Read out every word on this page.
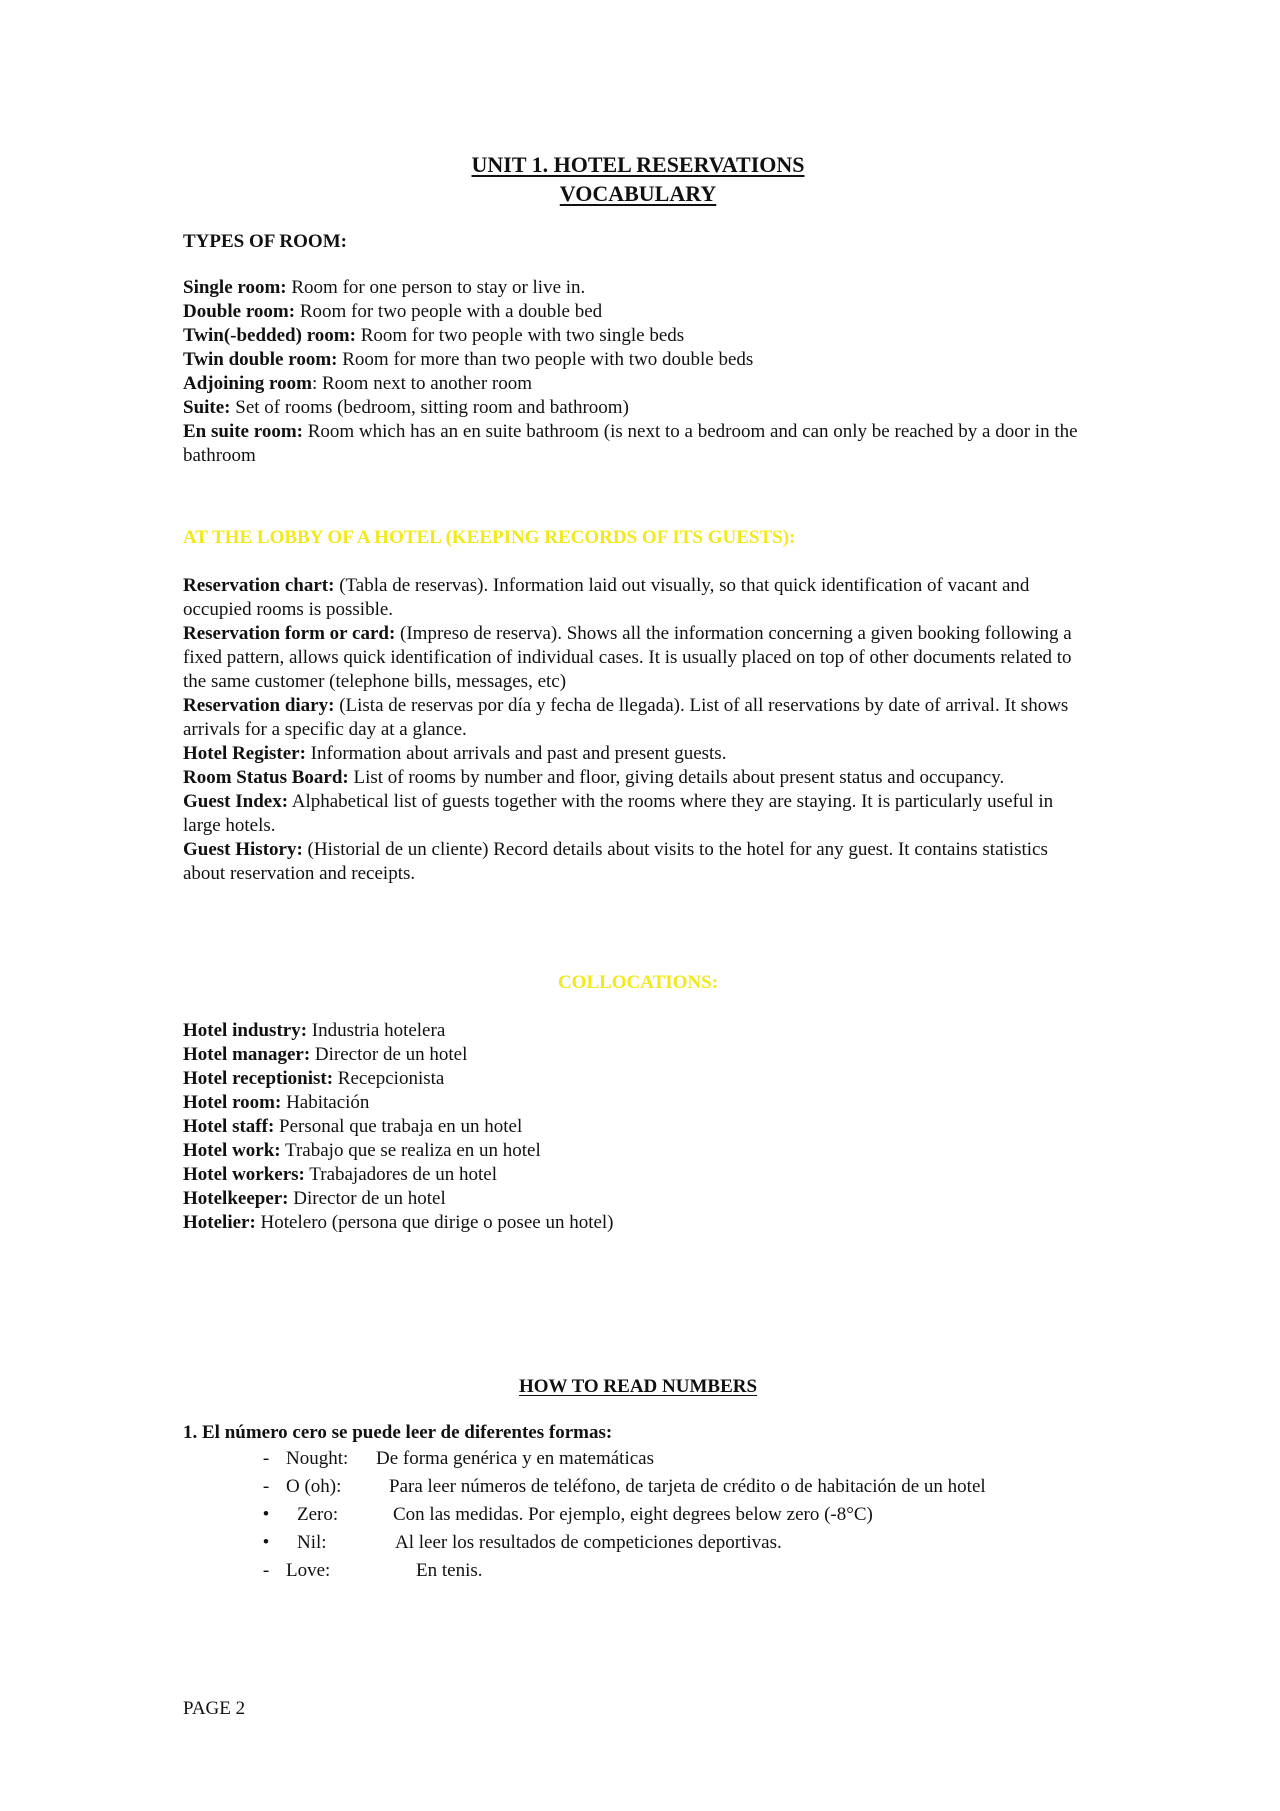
UNIT 1. HOTEL RESERVATIONS
VOCABULARY
TYPES OF ROOM:

Single room: Room for one person to stay or live in.

Double room: Room for two people with a double bed

Twin(-bedded) room: Room for two people with two single beds

Twin double room: Room for more than two people with two double beds

Adjoining room: Room next to another room

Suite: Set of rooms (bedroom, sitting room and bathroom)

En suite room: Room which has an en suite bathroom (is next to a bedroom and can only be reached by a door in the bathroom

AT THE LOBBY OF A HOTEL (KEEPING RECORDS OF ITS GUESTS):

Reservation chart: (Tabla de reservas). Information laid out visually, so that quick identification of vacant and occupied rooms is possible.

Reservation form or card: (Impreso de reserva). Shows all the information concerning a given booking following a fixed pattern, allows quick identification of individual cases. It is usually placed on top of other documents related to the same customer (telephone bills, messages, etc)

Reservation diary: (Lista de reservas por día y fecha de llegada). List of all reservations by date of arrival. It shows arrivals for a specific day at a glance.

Hotel Register: Information about arrivals and past and present guests.

Room Status Board: List of rooms by number and floor, giving details about present status and occupancy.

Guest Index: Alphabetical list of guests together with the rooms where they are staying. It is particularly useful in large hotels.

Guest History: (Historial de un cliente) Record details about visits to the hotel for any guest. It contains statistics about reservation and receipts.

COLLOCATIONS:

Hotel industry: Industria hotelera

Hotel manager: Director de un hotel

Hotel receptionist: Recepcionista

Hotel room: Habitación

Hotel staff: Personal que trabaja en un hotel

Hotel work: Trabajo que se realiza en un hotel

Hotel workers: Trabajadores de un hotel

Hotelkeeper: Director de un hotel

Hotelier: Hotelero (persona que dirige o posee un hotel)

HOW TO READ NUMBERS
1. El número cero se puede leer de diferentes formas:
- Nought: De forma genérica y en matemáticas
- O (oh):	Para leer números de teléfono, de tarjeta de crédito o de habitación de un hotel
• Zero:	Con las medidas. Por ejemplo, eight degrees below zero (-8°C)
• Nil:	Al leer los resultados de competiciones deportivas.
- Love:	En tenis.
PAGE 2
